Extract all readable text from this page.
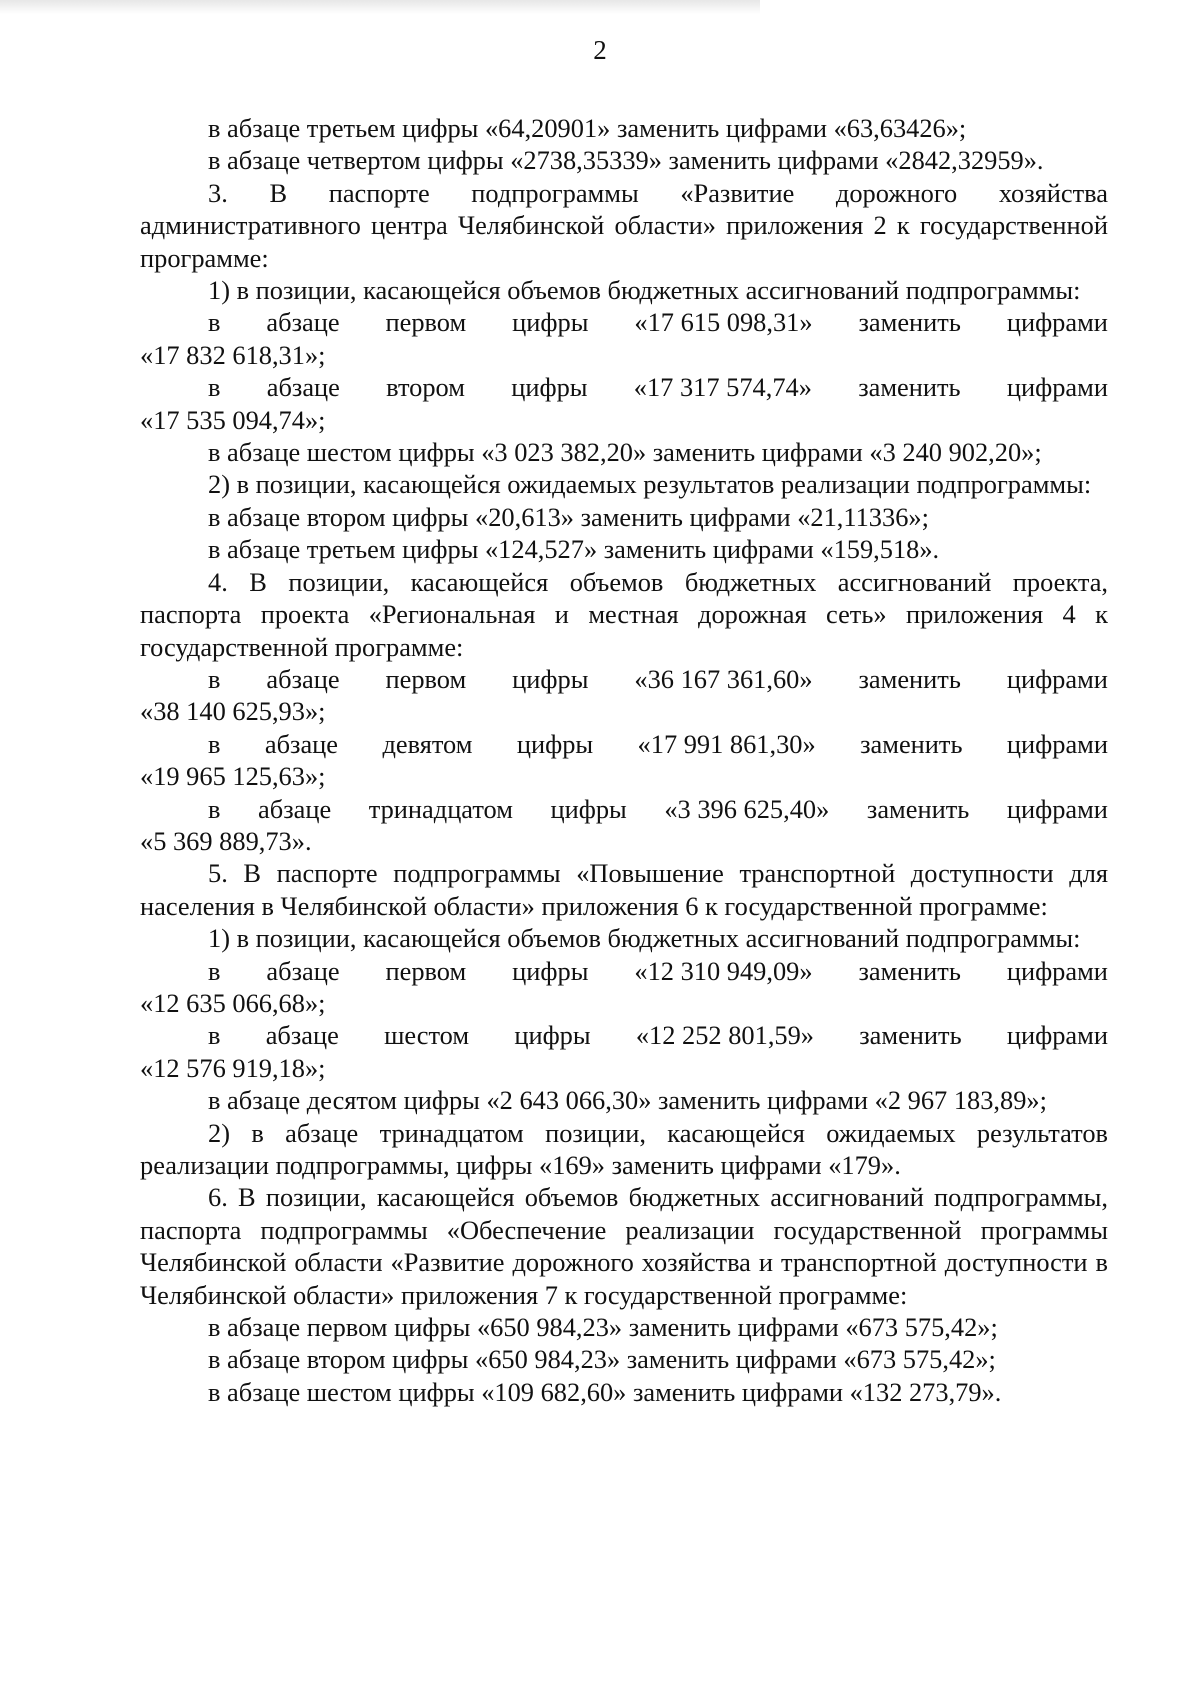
2

в абзаце третьем цифры «64,20901» заменить цифрами «63,63426»;

в абзаце четвертом цифры «2738,35339» заменить цифрами «2842,32959».

3. В паспорте подпрограммы «Развитие дорожного хозяйства административного центра Челябинской области» приложения 2 к государственной программе:

1) в позиции, касающейся объемов бюджетных ассигнований подпрограммы:

в абзаце первом цифры «17 615 098,31» заменить цифрами
«17 832 618,31»;
в абзаце втором цифры «17 317 574,74» заменить цифрами
«17 535 094,74»;

в абзаце шестом цифры «3 023 382,20» заменить цифрами «3 240 902,20»;

2) в позиции, касающейся ожидаемых результатов реализации подпрограммы:

в абзаце втором цифры «20,613» заменить цифрами «21,11336»;

в абзаце третьем цифры «124,527» заменить цифрами «159,518».

4. В позиции, касающейся объемов бюджетных ассигнований проекта, паспорта проекта «Региональная и местная дорожная сеть» приложения 4 к государственной программе:

в абзаце первом цифры «36 167 361,60» заменить цифрами
«38 140 625,93»;
в абзаце девятом цифры «17 991 861,30» заменить цифрами
«19 965 125,63»;
в абзаце тринадцатом цифры «3 396 625,40» заменить цифрами
«5 369 889,73».

5. В паспорте подпрограммы «Повышение транспортной доступности для населения в Челябинской области» приложения 6 к государственной программе:

1) в позиции, касающейся объемов бюджетных ассигнований подпрограммы:

в абзаце первом цифры «12 310 949,09» заменить цифрами
«12 635 066,68»;
в абзаце шестом цифры «12 252 801,59» заменить цифрами
«12 576 919,18»;

в абзаце десятом цифры «2 643 066,30» заменить цифрами «2 967 183,89»;

2) в абзаце тринадцатом позиции, касающейся ожидаемых результатов реализации подпрограммы, цифры «169» заменить цифрами «179».

6. В позиции, касающейся объемов бюджетных ассигнований подпрограммы, паспорта подпрограммы «Обеспечение реализации государственной программы Челябинской области «Развитие дорожного хозяйства и транспортной доступности в Челябинской области» приложения 7 к государственной программе:

в абзаце первом цифры «650 984,23» заменить цифрами «673 575,42»;

в абзаце втором цифры «650 984,23» заменить цифрами «673 575,42»;

в абзаце шестом цифры «109 682,60» заменить цифрами «132 273,79».
